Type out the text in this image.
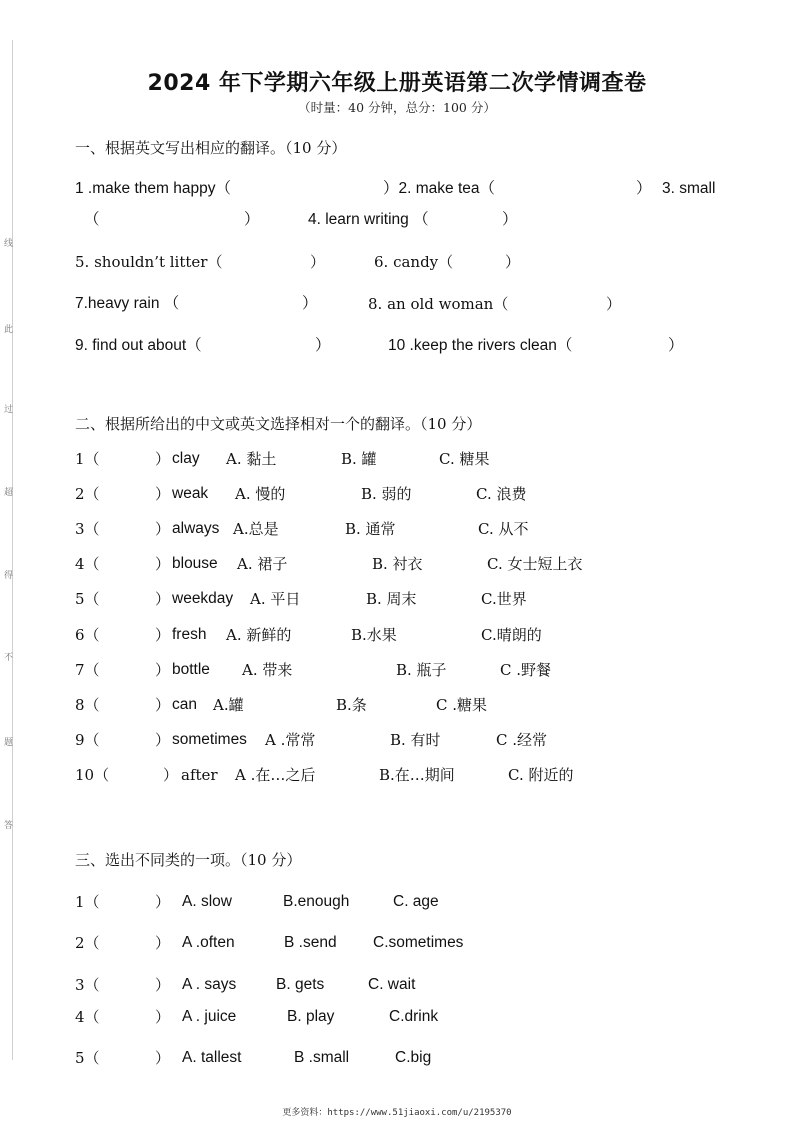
线
此
过
超
得
不
题
答
2024 年下学期六年级上册英语第二次学情调查卷
（时量：40 分钟，总分：100 分）
一、根据英文写出相应的翻译。（10 分）
1 .make them happy（	）2. make tea（	） 3. small
（	）	4. learn writing （	）
5. shouldn’t litter（	）	6. candy（	）
7.heavy rain （	）	8. an old woman（	）
9. find out about（	）	10 .keep the rivers clean（	）
二、根据所给出的中文或英文选择相对一个的翻译。（10 分）
1（	） clay A. 黏土	B. 罐	C. 糖果
2（	） weak A. 慢的	B. 弱的	C. 浪费
3（	） always A.总是	B. 通常	C. 从不
4（	） blouse A. 裙子	B. 衬衣	C. 女士短上衣
5（	） weekday A. 平日	B. 周末	C.世界
6（	） fresh A. 新鲜的	B.水果	C.晴朗的
7（	） bottle A. 带来	B. 瓶子	C .野餐
8（	） can A.罐	B.条	C .糖果
9（	） sometimes A .常常	B. 有时	C .经常
10（	） after A .在…之后	B.在…期间	C. 附近的
三、选出不同类的一项。（10 分）
1（	） A. slow	B.enough	C. age
2（	） A .often	B .send C.sometimes
3（	） A . says	B. gets	C. wait
4（	） A . juice	B. play	C.drink
5（	） A. tallest	B .small	C.big
更多资料：https://www.51jiaoxi.com/u/2195370
